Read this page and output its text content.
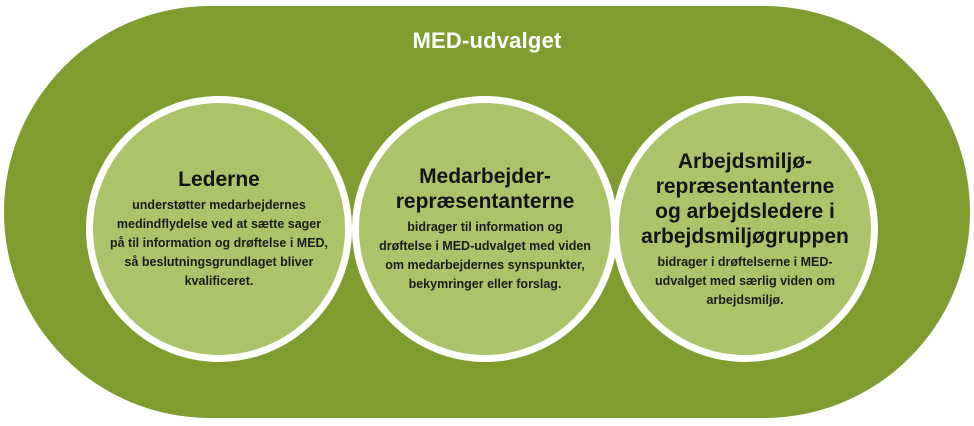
MED-udvalget
Lederne
understøtter medarbejdernes
medindflydelse ved at sætte sager
på til information og drøftelse i MED,
så beslutningsgrundlaget bliver
kvalificeret.
Medarbejder-
repræsentanterne
bidrager til information og
drøftelse i MED-udvalget med viden
om medarbejdernes synspunkter,
bekymringer eller forslag.
Arbejdsmiljø-
repræsentanterne
og arbejdsledere i
arbejdsmiljøgruppen
bidrager i drøftelserne i MED-
udvalget med særlig viden om
arbejdsmiljø.
